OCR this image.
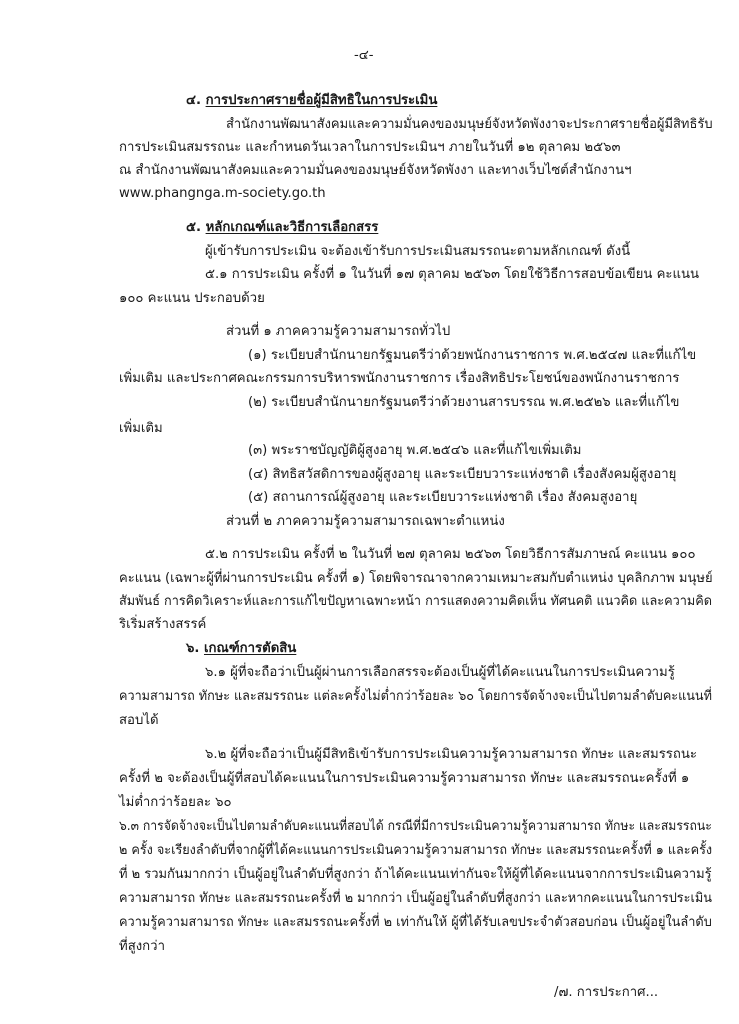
-๔-
๔. การประกาศรายชื่อผู้มีสิทธิในการประเมิน
สำนักงานพัฒนาสังคมและความมั่นคงของมนุษย์จังหวัดพังงาจะประกาศรายชื่อผู้มีสิทธิรับ
การประเมินสมรรถนะ และกำหนดวันเวลาในการประเมินฯ ภายในวันที่ ๑๒ ตุลาคม ๒๕๖๓
ณ สำนักงานพัฒนาสังคมและความมั่นคงของมนุษย์จังหวัดพังงา และทางเว็บไซต์สำนักงานฯ
www.phangnga.m-society.go.th
๕. หลักเกณฑ์และวิธีการเลือกสรร
ผู้เข้ารับการประเมิน จะต้องเข้ารับการประเมินสมรรถนะตามหลักเกณฑ์ ดังนี้
๕.๑ การประเมิน ครั้งที่ ๑ ในวันที่ ๑๗ ตุลาคม ๒๕๖๓ โดยใช้วิธีการสอบข้อเขียน คะแนน
๑๐๐ คะแนน ประกอบด้วย
ส่วนที่ ๑ ภาคความรู้ความสามารถทั่วไป
(๑) ระเบียบสำนักนายกรัฐมนตรีว่าด้วยพนักงานราชการ พ.ศ.๒๕๔๗ และที่แก้ไข
เพิ่มเติม และประกาศคณะกรรมการบริหารพนักงานราชการ เรื่องสิทธิประโยชน์ของพนักงานราชการ
(๒) ระเบียบสำนักนายกรัฐมนตรีว่าด้วยงานสารบรรณ พ.ศ.๒๕๒๖ และที่แก้ไข
เพิ่มเติม
(๓) พระราชบัญญัติผู้สูงอายุ พ.ศ.๒๕๔๖ และที่แก้ไขเพิ่มเติม
(๔) สิทธิสวัสดิการของผู้สูงอายุ และระเบียบวาระแห่งชาติ เรื่องสังคมผู้สูงอายุ
(๕) สถานการณ์ผู้สูงอายุ และระเบียบวาระแห่งชาติ เรื่อง สังคมสูงอายุ
ส่วนที่ ๒ ภาคความรู้ความสามารถเฉพาะตำแหน่ง
๕.๒ การประเมิน ครั้งที่ ๒ ในวันที่ ๒๗ ตุลาคม ๒๕๖๓ โดยวิธีการสัมภาษณ์ คะแนน ๑๐๐
คะแนน (เฉพาะผู้ที่ผ่านการประเมิน ครั้งที่ ๑) โดยพิจารณาจากความเหมาะสมกับตำแหน่ง บุคลิกภาพ มนุษย์
สัมพันธ์ การคิดวิเคราะห์และการแก้ไขปัญหาเฉพาะหน้า การแสดงความคิดเห็น ทัศนคติ แนวคิด และความคิด
ริเริ่มสร้างสรรค์
๖. เกณฑ์การตัดสิน
๖.๑ ผู้ที่จะถือว่าเป็นผู้ผ่านการเลือกสรรจะต้องเป็นผู้ที่ได้คะแนนในการประเมินความรู้
ความสามารถ ทักษะ และสมรรถนะ แต่ละครั้งไม่ต่ำกว่าร้อยละ ๖๐ โดยการจัดจ้างจะเป็นไปตามลำดับคะแนนที่
สอบได้
๖.๒ ผู้ที่จะถือว่าเป็นผู้มีสิทธิเข้ารับการประเมินความรู้ความสามารถ ทักษะ และสมรรถนะ
ครั้งที่ ๒ จะต้องเป็นผู้ที่สอบได้คะแนนในการประเมินความรู้ความสามารถ ทักษะ และสมรรถนะครั้งที่ ๑
ไม่ต่ำกว่าร้อยละ ๖๐
๖.๓ การจัดจ้างจะเป็นไปตามลำดับคะแนนที่สอบได้ กรณีที่มีการประเมินความรู้ความสามารถ ทักษะ และสมรรถนะ
๒ ครั้ง จะเรียงลำดับที่จากผู้ที่ได้คะแนนการประเมินความรู้ความสามารถ ทักษะ และสมรรถนะครั้งที่ ๑ และครั้ง
ที่ ๒ รวมกันมากกว่า เป็นผู้อยู่ในลำดับที่สูงกว่า ถ้าได้คะแนนเท่ากันจะให้ผู้ที่ได้คะแนนจากการประเมินความรู้
ความสามารถ ทักษะ และสมรรถนะครั้งที่ ๒ มากกว่า เป็นผู้อยู่ในลำดับที่สูงกว่า และหากคะแนนในการประเมิน
ความรู้ความสามารถ ทักษะ และสมรรถนะครั้งที่ ๒ เท่ากันให้ ผู้ที่ได้รับเลขประจำตัวสอบก่อน เป็นผู้อยู่ในลำดับ
ที่สูงกว่า
/๗. การประกาศ...
